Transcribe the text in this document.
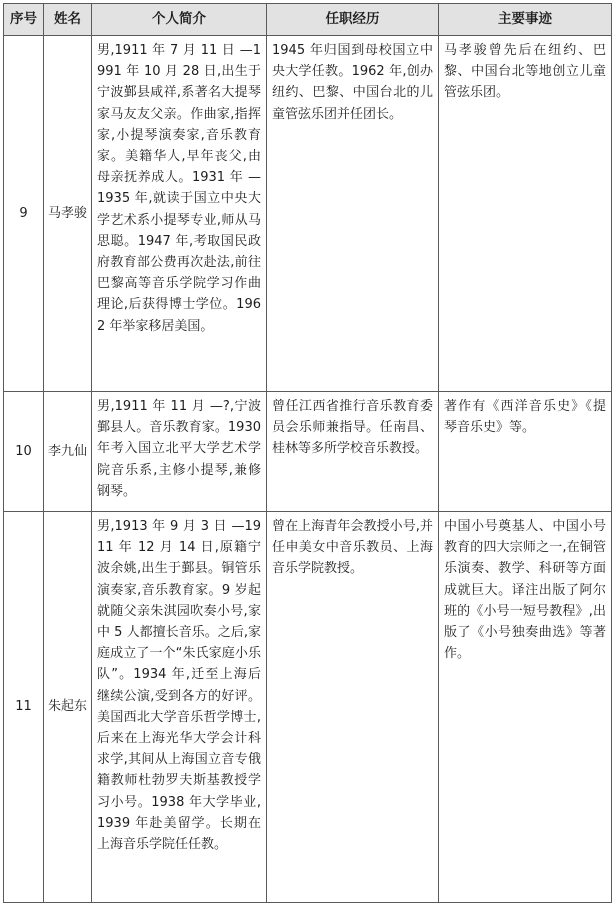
序号	姓名	个人简介	任职经历	主要事迹
9	马孝骏	男,1911 年 7 月 11 日 —1991 年 10 月 28 日,出生于宁波鄞县咸祥,系著名大提琴家马友友父亲。作曲家,指挥家,小提琴演奏家,音乐教育家。美籍华人,早年丧父,由母亲抚养成人。1931 年 —1935 年,就读于国立中央大学艺术系小提琴专业,师从马思聪。1947 年,考取国民政府教育部公费再次赴法,前往巴黎高等音乐学院学习作曲理论,后获得博士学位。1962 年举家移居美国。	1945 年归国到母校国立中央大学任教。1962 年,创办纽约、巴黎、中国台北的儿童管弦乐团并任团长。	马孝骏曾先后在纽约、巴黎、中国台北等地创立儿童管弦乐团。
10	李九仙	男,1911 年 11 月 —?,宁波鄞县人。音乐教育家。1930 年考入国立北平大学艺术学院音乐系,主修小提琴,兼修钢琴。	曾任江西省推行音乐教育委员会乐师兼指导。任南昌、桂林等多所学校音乐教授。	著作有《西洋音乐史》《提琴音乐史》等。
11	朱起东	男,1913 年 9 月 3 日 —1911 年 12 月 14 日,原籍宁波余姚,出生于鄞县。铜管乐演奏家,音乐教育家。9 岁起就随父亲朱淇园吹奏小号,家中 5 人都擅长音乐。之后,家庭成立了一个“朱氏家庭小乐队”。1934 年,迁至上海后继续公演,受到各方的好评。美国西北大学音乐哲学博士,后来在上海光华大学会计科求学,其间从上海国立音专俄籍教师杜勃罗夫斯基教授学习小号。1938 年大学毕业,1939 年赴美留学。长期在上海音乐学院任任教。	曾在上海青年会教授小号,并任申美女中音乐教员、上海音乐学院教授。	中国小号奠基人、中国小号教育的四大宗师之一,在铜管乐演奏、教学、科研等方面成就巨大。译注出版了阿尔班的《小号一短号教程》,出版了《小号独奏曲选》等著作。
